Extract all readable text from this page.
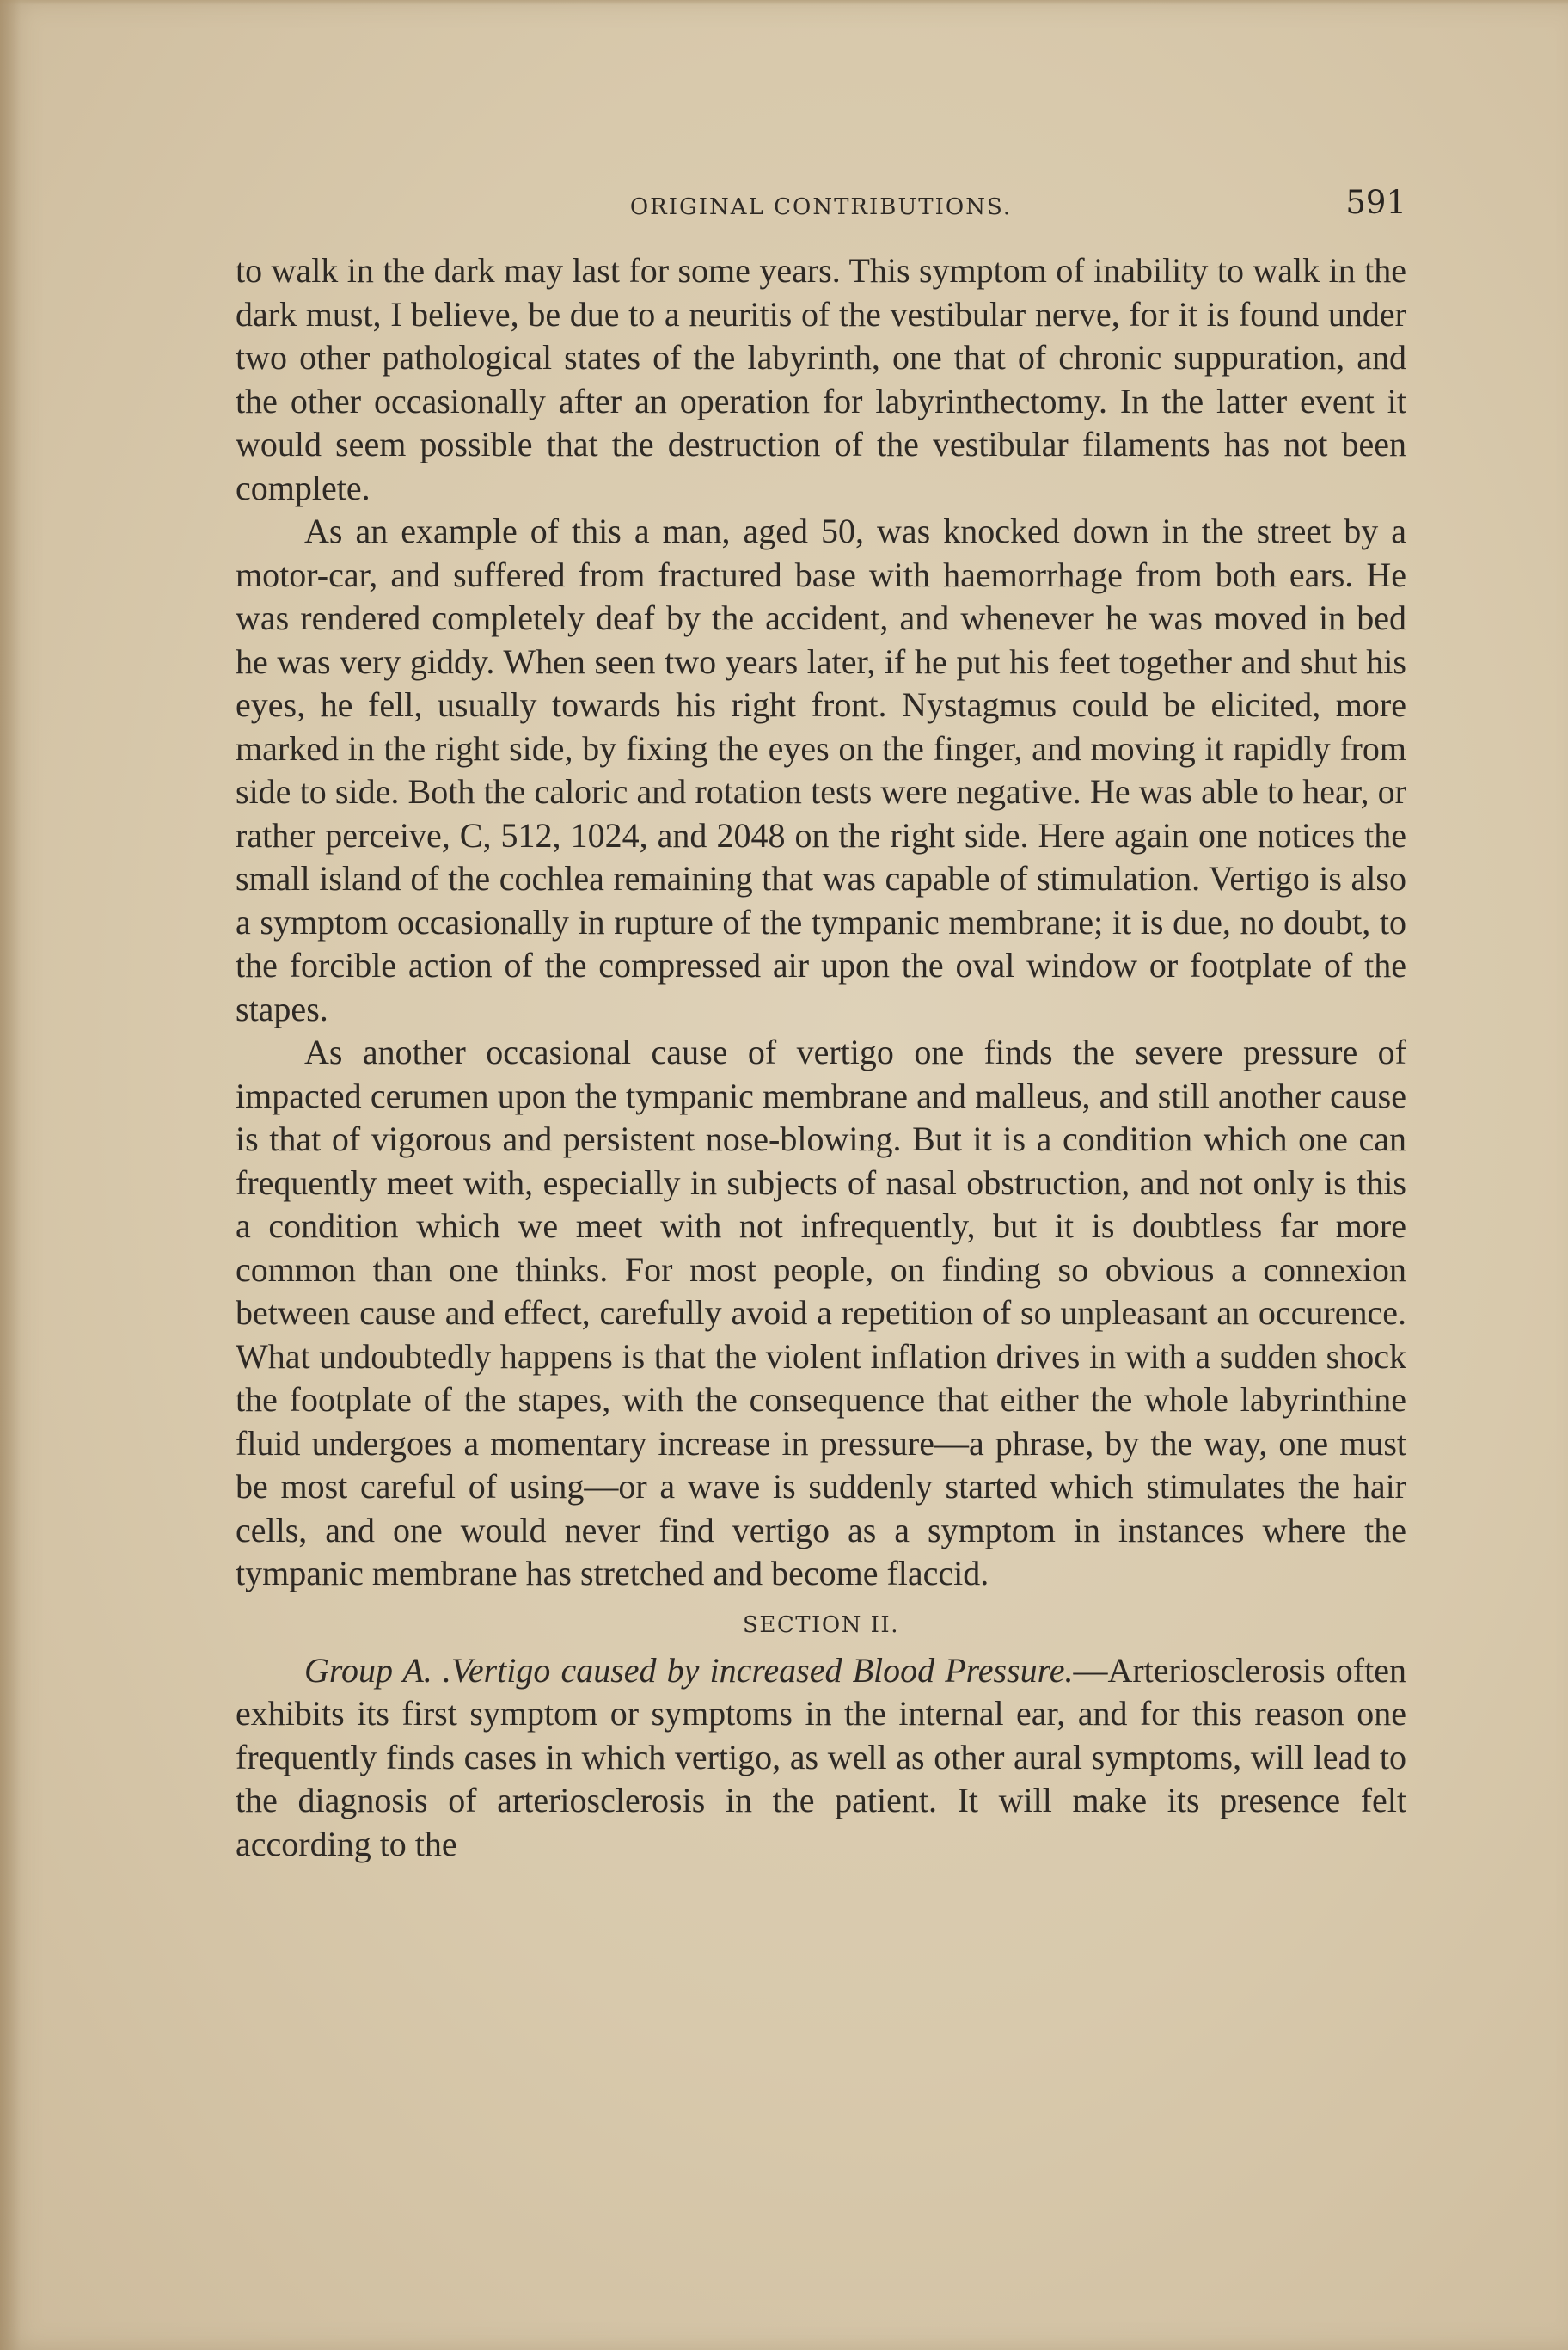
ORIGINAL CONTRIBUTIONS.	591

to walk in the dark may last for some years. This symptom of inability to walk in the dark must, I believe, be due to a neuritis of the vestibular nerve, for it is found under two other pathological states of the labyrinth, one that of chronic suppuration, and the other occasionally after an operation for labyrinthectomy. In the latter event it would seem possible that the destruction of the vestibular filaments has not been complete.

As an example of this a man, aged 50, was knocked down in the street by a motor-car, and suffered from fractured base with haemorrhage from both ears. He was rendered completely deaf by the accident, and whenever he was moved in bed he was very giddy. When seen two years later, if he put his feet together and shut his eyes, he fell, usually towards his right front. Nystagmus could be elicited, more marked in the right side, by fixing the eyes on the finger, and moving it rapidly from side to side. Both the caloric and rotation tests were negative. He was able to hear, or rather perceive, C, 512, 1024, and 2048 on the right side. Here again one notices the small island of the cochlea remaining that was capable of stimulation. Vertigo is also a symptom occasionally in rupture of the tympanic membrane; it is due, no doubt, to the forcible action of the compressed air upon the oval window or footplate of the stapes.

As another occasional cause of vertigo one finds the severe pressure of impacted cerumen upon the tympanic membrane and malleus, and still another cause is that of vigorous and persistent nose-blowing. But it is a condition which one can frequently meet with, especially in subjects of nasal obstruction, and not only is this a condition which we meet with not infrequently, but it is doubtless far more common than one thinks. For most people, on finding so obvious a connexion between cause and effect, carefully avoid a repetition of so unpleasant an occurence. What undoubtedly happens is that the violent inflation drives in with a sudden shock the footplate of the stapes, with the consequence that either the whole labyrinthine fluid undergoes a momentary increase in pressure—a phrase, by the way, one must be most careful of using—or a wave is suddenly started which stimulates the hair cells, and one would never find vertigo as a symptom in instances where the tympanic membrane has stretched and become flaccid.

SECTION II.

Group A. .Vertigo caused by increased Blood Pressure.—Arteriosclerosis often exhibits its first symptom or symptoms in the internal ear, and for this reason one frequently finds cases in which vertigo, as well as other aural symptoms, will lead to the diagnosis of arteriosclerosis in the patient. It will make its presence felt according to the
